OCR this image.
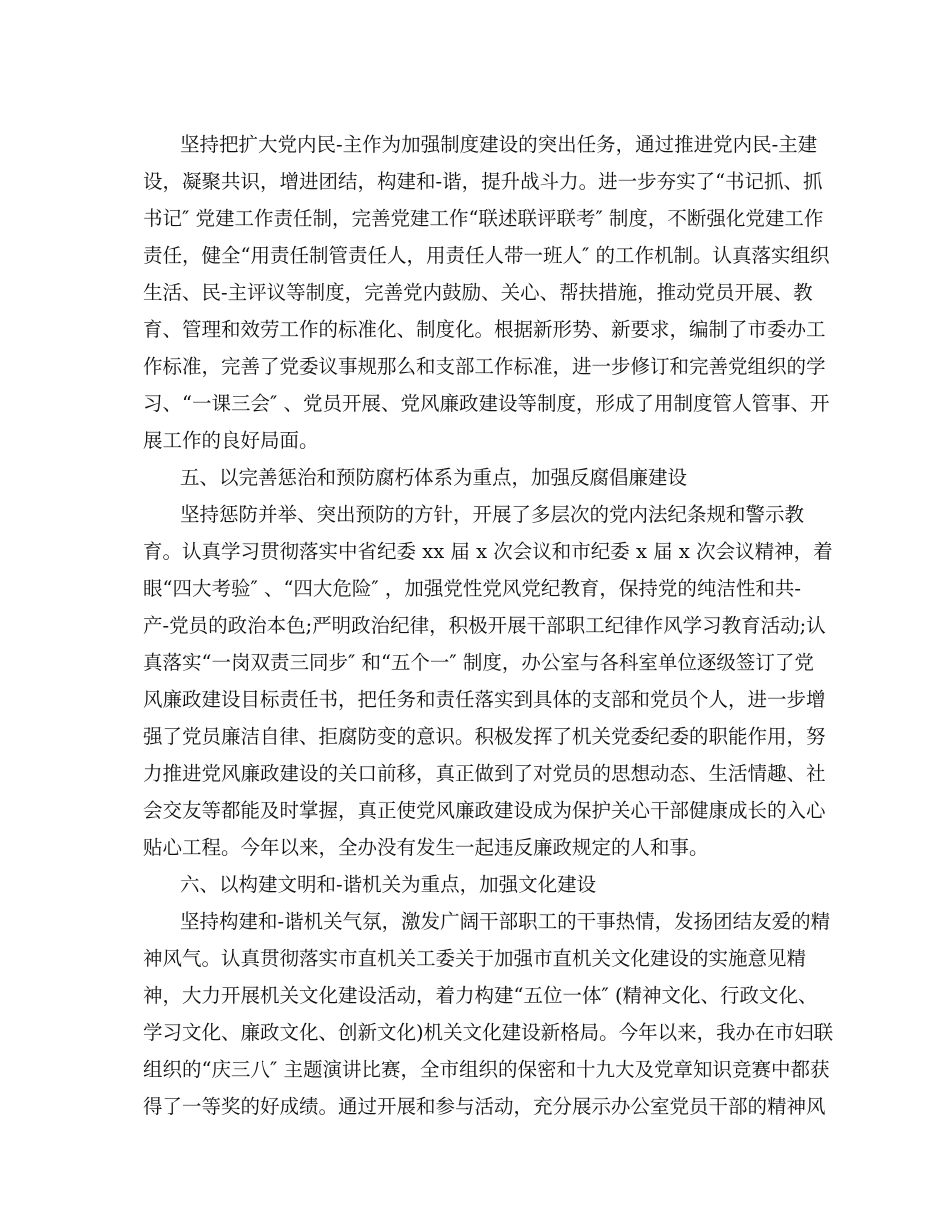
坚持把扩大党内民-主作为加强制度建设的突出任务，通过推进党内民-主建
设，凝聚共识，增进团结，构建和-谐，提升战斗力。进一步夯实了“书记抓、抓
书记″ 党建工作责任制，完善党建工作“联述联评联考″ 制度，不断强化党建工作
责任，健全“用责任制管责任人，用责任人带一班人″ 的工作机制。认真落实组织
生活、民-主评议等制度，完善党内鼓励、关心、帮扶措施，推动党员开展、教
育、管理和效劳工作的标准化、制度化。根据新形势、新要求，编制了市委办工
作标准，完善了党委议事规那么和支部工作标准，进一步修订和完善党组织的学
习、“一课三会″ 、党员开展、党风廉政建设等制度，形成了用制度管人管事、开
展工作的良好局面。
五、以完善惩治和预防腐朽体系为重点，加强反腐倡廉建设
坚持惩防并举、突出预防的方针，开展了多层次的党内法纪条规和警示教
育。认真学习贯彻落实中省纪委 xx 届 x 次会议和市纪委 x 届 x 次会议精神，着
眼“四大考验″ 、“四大危险″ ，加强党性党风党纪教育，保持党的纯洁性和共-
产-党员的政治本色;严明政治纪律，积极开展干部职工纪律作风学习教育活动;认
真落实“一岗双责三同步″ 和“五个一″ 制度，办公室与各科室单位逐级签订了党
风廉政建设目标责任书，把任务和责任落实到具体的支部和党员个人，进一步增
强了党员廉洁自律、拒腐防变的意识。积极发挥了机关党委纪委的职能作用，努
力推进党风廉政建设的关口前移，真正做到了对党员的思想动态、生活情趣、社
会交友等都能及时掌握，真正使党风廉政建设成为保护关心干部健康成长的入心
贴心工程。今年以来，全办没有发生一起违反廉政规定的人和事。
六、以构建文明和-谐机关为重点，加强文化建设
坚持构建和-谐机关气氛，激发广阔干部职工的干事热情，发扬团结友爱的精
神风气。认真贯彻落实市直机关工委关于加强市直机关文化建设的实施意见精
神，大力开展机关文化建设活动，着力构建“五位一体″ (精神文化、行政文化、
学习文化、廉政文化、创新文化)机关文化建设新格局。今年以来，我办在市妇联
组织的“庆三八″ 主题演讲比赛，全市组织的保密和十九大及党章知识竞赛中都获
得了一等奖的好成绩。通过开展和参与活动，充分展示办公室党员干部的精神风
